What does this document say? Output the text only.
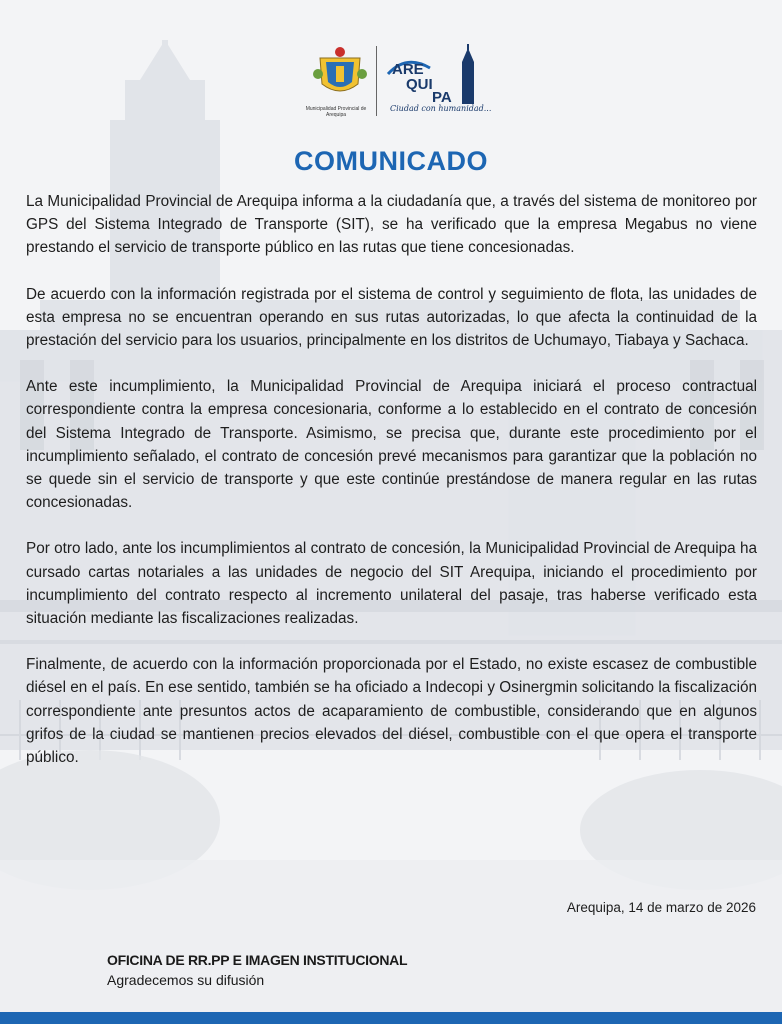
Municipalidad Provincial de Arequipa
ARE
QUI
PA
Ciudad con humanidad...
COMUNICADO

La Municipalidad Provincial de Arequipa informa a la ciudadanía que, a través del sistema de monitoreo por GPS del Sistema Integrado de Transporte (SIT), se ha verificado que la empresa Megabus no viene prestando el servicio de transporte público en las rutas que tiene concesionadas.

De acuerdo con la información registrada por el sistema de control y seguimiento de flota, las unidades de esta empresa no se encuentran operando en sus rutas autorizadas, lo que afecta la continuidad de la prestación del servicio para los usuarios, principalmente en los distritos de Uchumayo, Tiabaya y Sachaca.

Ante este incumplimiento, la Municipalidad Provincial de Arequipa iniciará el proceso contractual correspondiente contra la empresa concesionaria, conforme a lo establecido en el contrato de concesión del Sistema Integrado de Transporte. Asimismo, se precisa que, durante este procedimiento por el incumplimiento señalado, el contrato de concesión prevé mecanismos para garantizar que la población no se quede sin el servicio de transporte y que este continúe prestándose de manera regular en las rutas concesionadas.

Por otro lado, ante los incumplimientos al contrato de concesión, la Municipalidad Provincial de Arequipa ha cursado cartas notariales a las unidades de negocio del SIT Arequipa, iniciando el procedimiento por incumplimiento del contrato respecto al incremento unilateral del pasaje, tras haberse verificado esta situación mediante las fiscalizaciones realizadas.

Finalmente, de acuerdo con la información proporcionada por el Estado, no existe escasez de combustible diésel en el país. En ese sentido, también se ha oficiado a Indecopi y Osinergmin solicitando la fiscalización correspondiente ante presuntos actos de acaparamiento de combustible, considerando que en algunos grifos de la ciudad se mantienen precios elevados del diésel, combustible con el que opera el transporte público.

Arequipa, 14 de marzo de 2026
OFICINA DE RR.PP E IMAGEN INSTITUCIONAL
Agradecemos su difusión
